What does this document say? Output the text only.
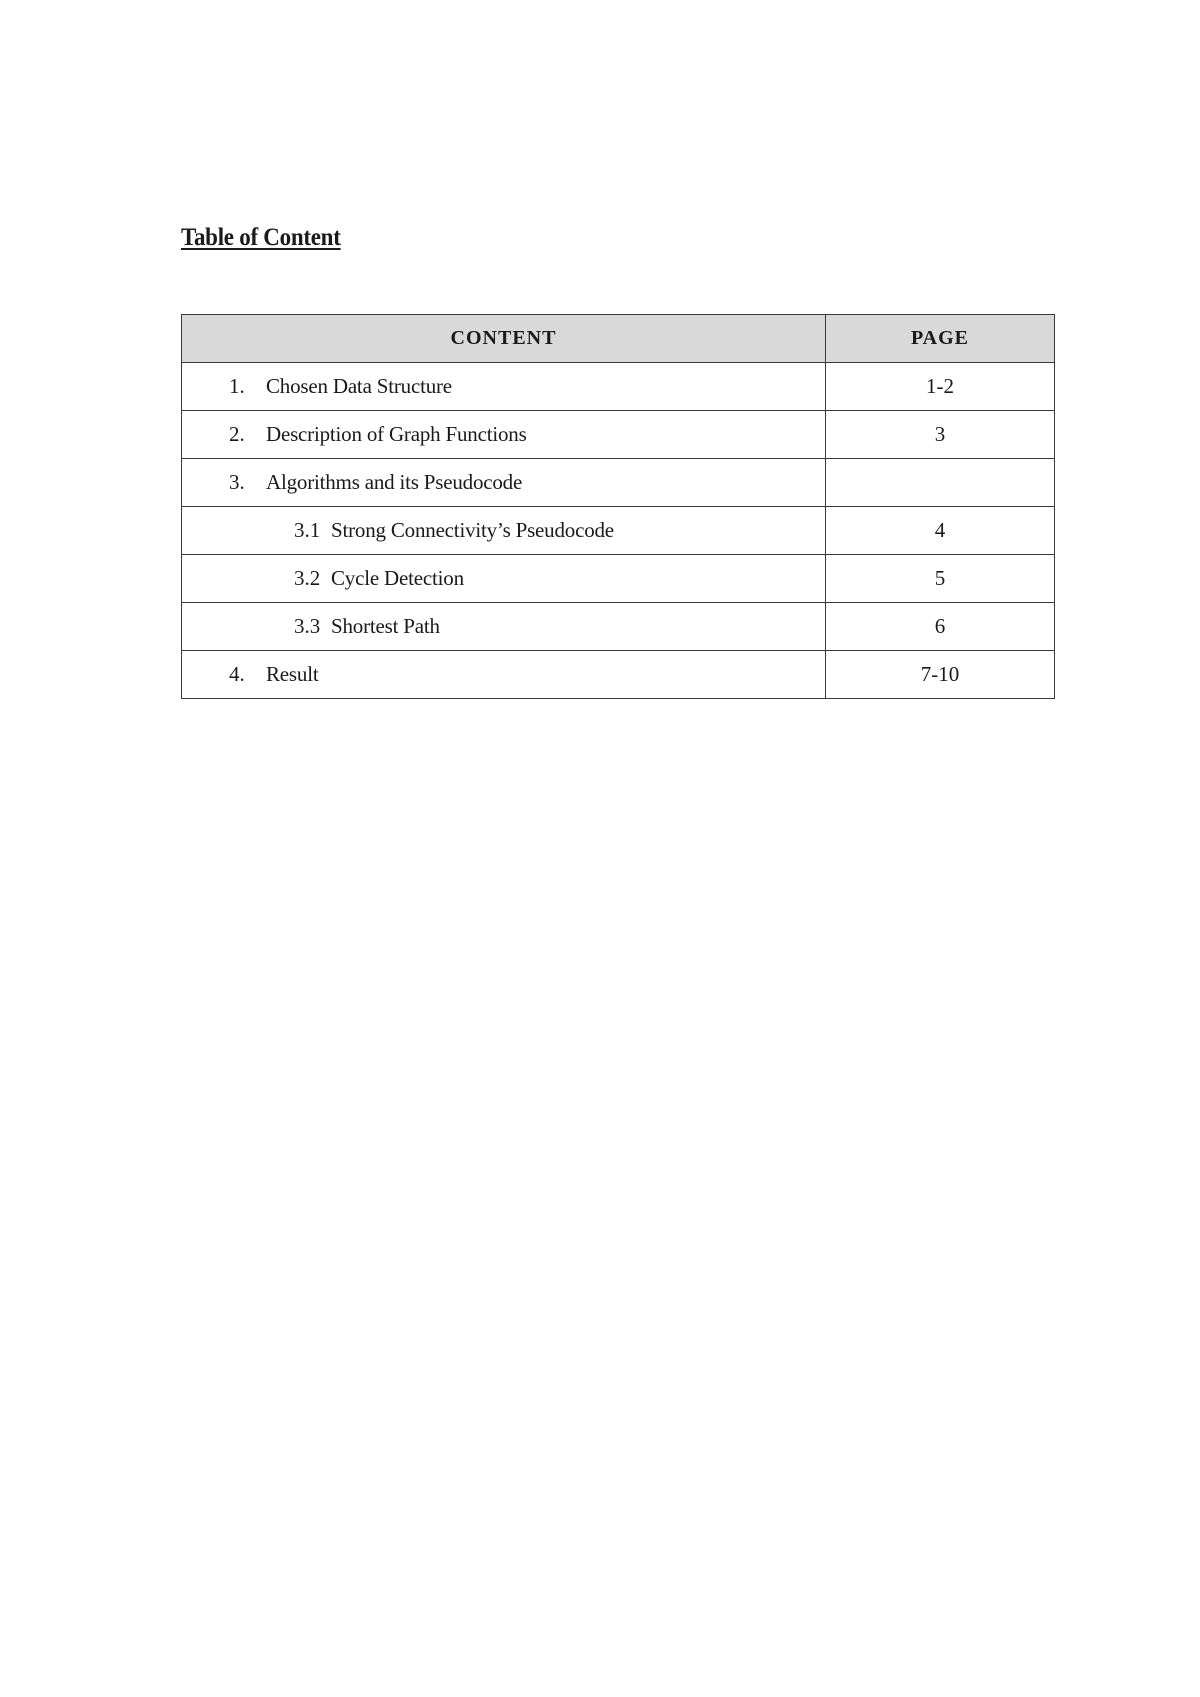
Table of Content
CONTENT	PAGE

1. Chosen Data Structure	1-2

2. Description of Graph Functions	3

3. Algorithms and its Pseudocode	

3.1 Strong Connectivity’s Pseudocode	4

3.2 Cycle Detection	5

3.3 Shortest Path	6

4. Result	7-10
